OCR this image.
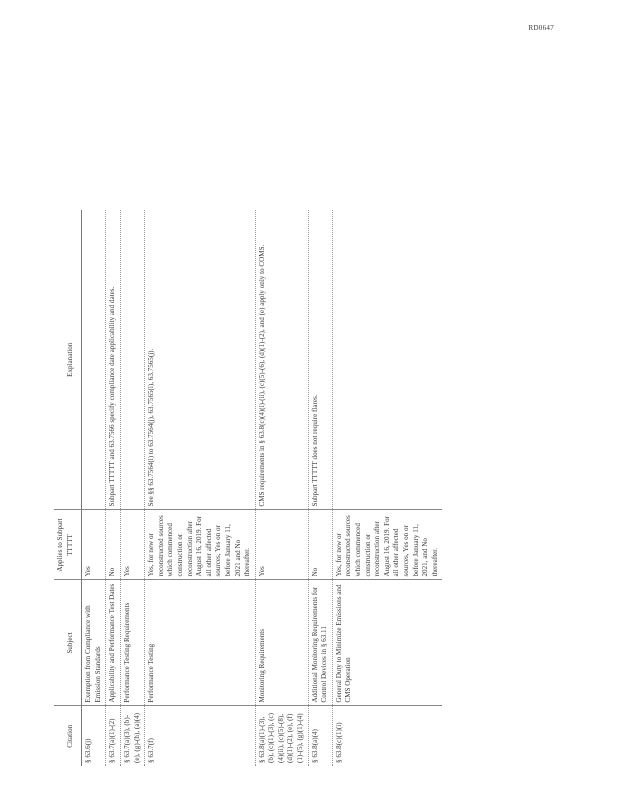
RD0647
Citation	Subject	Applies to Subpart TTTTT	Explanation
§ 63.6(j)	Exemption from Compliance with Emission Standards	Yes	
§ 63.7(a)(1)-(2)	Applicability and Performance Test Dates	No	Subpart TTTTT and 63.7566 specify compliance date applicability and dates.
§ 63.7(a)(3), (b)-(e), (g)-(h), (a)(4)	Performance Testing Requirements	Yes	
§ 63.7(f)	Performance Testing	Yes, for new or reconstructed sources which commenced construction or reconstruction after August 16, 2019. For all other affected sources, Yes on or before January 11, 2021 and No thereafter.	See §§ 63.7564(i) to 63.7564(j), 63.7565(i), 63.7565(j).
§ 63.8(a)(1)-(3), (b), (c)(1)-(3), (c)(4)(ii), (c)(5)-(8), (d)(1)-(2), (e), (f)(1)-(5), (g)(1)-(4)	Monitoring Requirements	Yes	CMS requirements in § 63.8(c)(4)(i)-(ii), (c)(5)-(6), (d)(1)-(2), and (e) apply only to COMS.
§ 63.8(a)(4)	Additional Monitoring Requirements for Control Devices in § 63.11	No	Subpart TTTTT does not require flares.
§ 63.8(c)(1)(i)	General Duty to Minimize Emissions and CMS Operation	Yes, for new or reconstructed sources which commenced construction or reconstruction after August 16, 2019. For all other affected sources, Yes on or before January 11, 2021, and No thereafter.	
